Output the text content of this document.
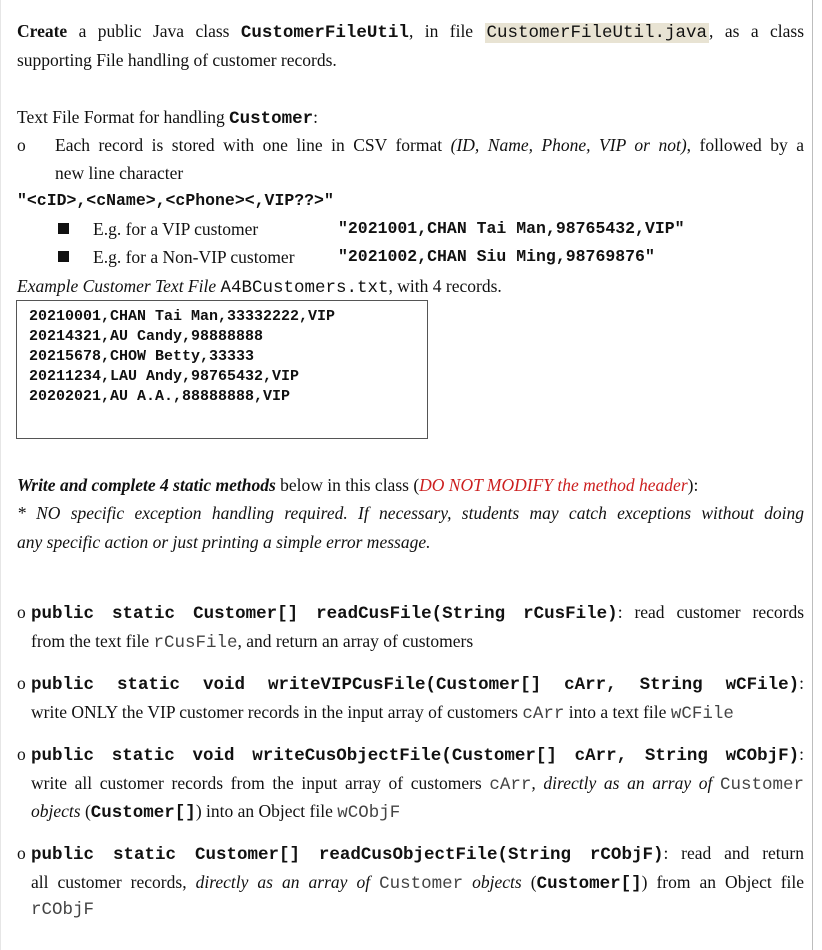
Create a public Java class CustomerFileUtil, in file CustomerFileUtil.java , as a class
supporting File handling of customer records.
Text File Format for handling Customer:
o Each record is stored with one line in CSV format (ID, Name, Phone, VIP or not), followed by a
new line character
"<cID>,<cName>,<cPhone><,VIP??>"
E.g. for a VIP customer	"2021001,CHAN Tai Man,98765432,VIP"
E.g. for a Non-VIP customer	"2021002,CHAN Siu Ming,98769876"
Example Customer Text File A4BCustomers.txt, with 4 records.
20210001,CHAN Tai Man,33332222,VIP
20214321,AU Candy,98888888
20215678,CHOW Betty,33333
20211234,LAU Andy,98765432,VIP
20202021,AU A.A.,88888888,VIP
Write and complete 4 static methods below in this class (DO NOT MODIFY the method header):
* NO specific exception handling required. If necessary, students may catch exceptions without doing
any specific action or just printing a simple error message.
o public static Customer[] readCusFile(String rCusFile): read customer records
from the text file rCusFile, and return an array of customers
o public static void writeVIPCusFile(Customer[] cArr, String wCFile):
write ONLY the VIP customer records in the input array of customers cArr into a text file wCFile
o public static void writeCusObjectFile(Customer[] cArr, String wCObjF):
write all customer records from the input array of customers cArr, directly as an array of Customer
objects (Customer[]) into an Object file wCObjF
o public static Customer[] readCusObjectFile(String rCObjF): read and return
all customer records, directly as an array of Customer objects (Customer[]) from an Object file
rCObjF
